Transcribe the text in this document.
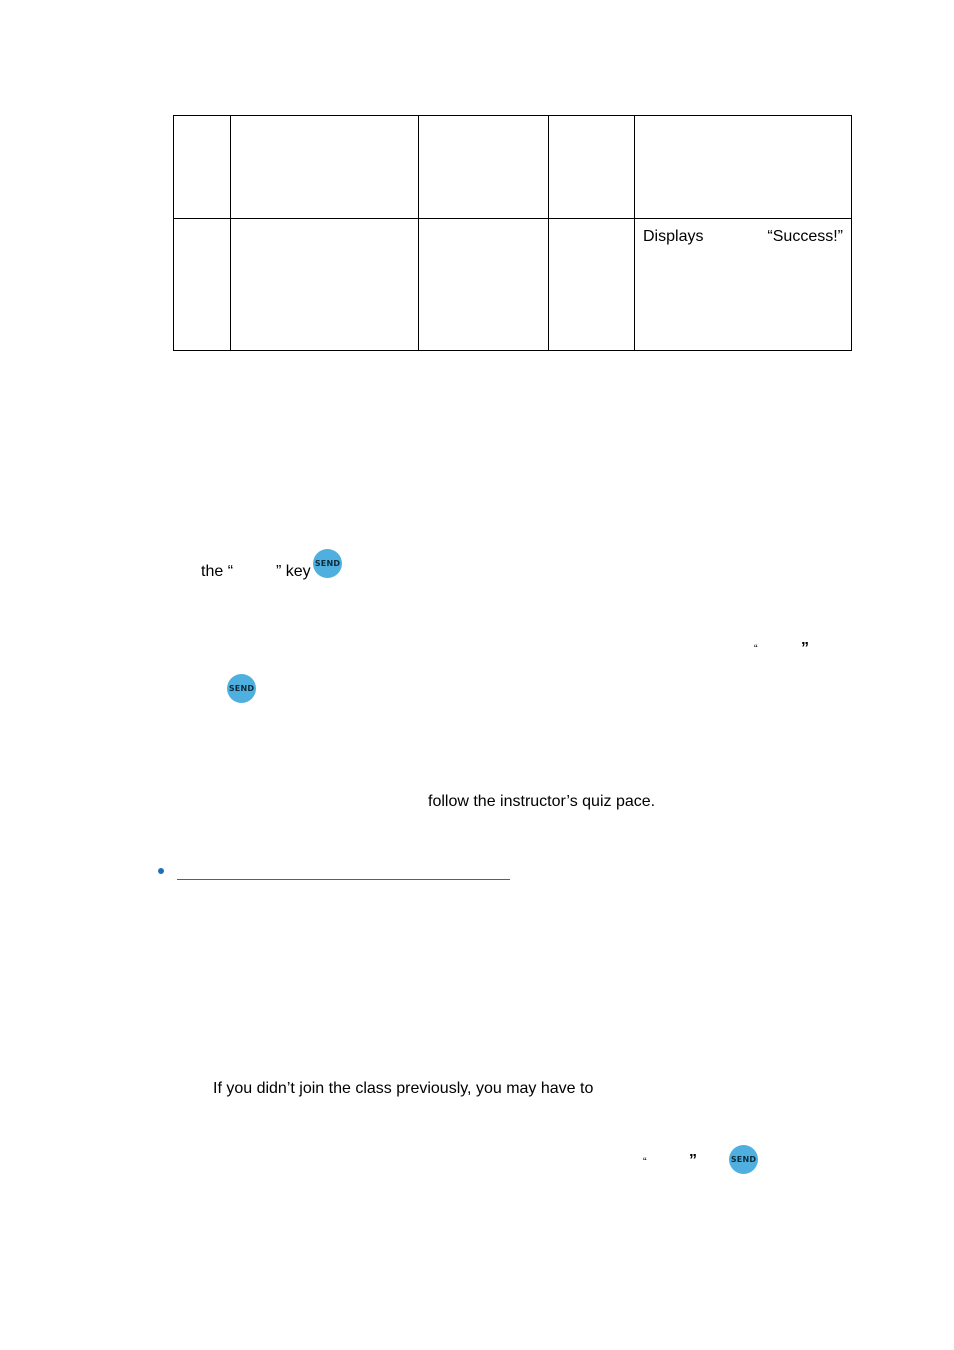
Displays	“Success!”
the “	” key SEND
“	”
SEND
follow the instructor’s quiz pace.
If you didn’t join the class previously, you may have to
“	”	SEND
